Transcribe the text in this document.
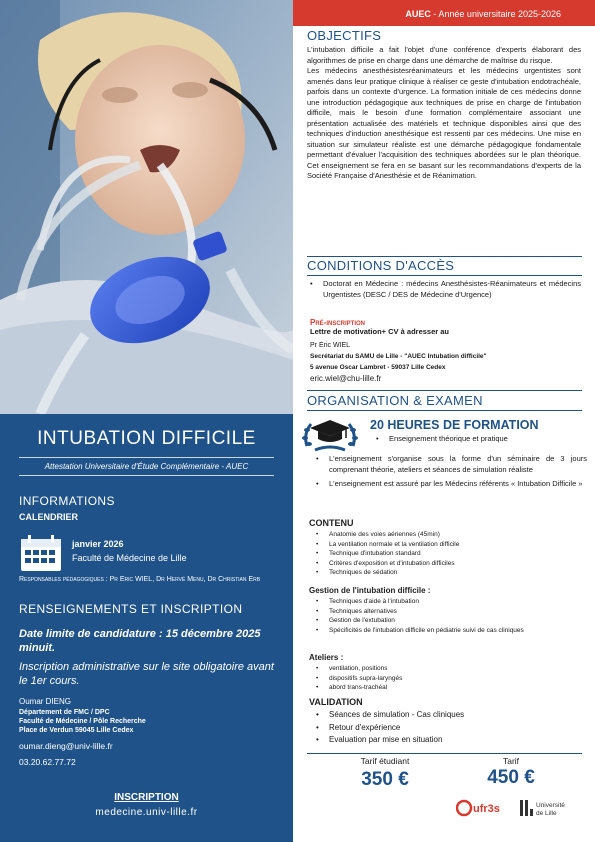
INTUBATION DIFFICILE
Attestation Universitaire d'Étude Complémentaire - AUEC
INFORMATIONS
CALENDRIER
janvier 2026
Faculté de Médecine de Lille
Responsables pédagogiques : Pr Eric WIEL, Dr Hervé Menu, Dr Christian Erb
RENSEIGNEMENTS ET INSCRIPTION
Date limite de candidature : 15 décembre 2025 minuit.
Inscription administrative sur le site obligatoire avant le 1er cours.
Oumar DIENG
Département de FMC / DPC
Faculté de Médecine / Pôle Recherche
Place de Verdun 59045 Lille Cedex
oumar.dieng@univ-lille.fr
03.20.62.77.72
INSCRIPTION
medecine.univ-lille.fr
AUEC - Année universitaire 2025-2026
OBJECTIFS

L'intubation difficile a fait l'objet d'une conférence d'experts élaborant des algorithmes de prise en charge dans une démarche de maîtrise du risque.

Les médecins anesthésistesréanimateurs et les médecins urgentistes sont amenés dans leur pratique clinique à réaliser ce geste d'intubation endotrachéale, parfois dans un contexte d'urgence. La formation initiale de ces médecins donne une introduction pédagogique aux techniques de prise en charge de l'intubation difficile, mais le besoin d'une formation complémentaire associant une présentation actualisée des matériels et technique disponibles ainsi que des techniques d'induction anesthésique est ressenti par ces médecins. Une mise en situation sur simulateur réaliste est une démarche pédagogique fondamentale permettant d'évaluer l'acquisition des techniques abordées sur le plan théorique. Cet enseignement se fera en se basant sur les recommandations d'experts de la Société Française d'Anesthésie et de Réanimation.

CONDITIONS D'ACCÈS
• Doctorat en Médecine : médecins Anesthésistes-Réanimateurs et médecins Urgentistes (DESC / DES de Médecine d'Urgence)
Pré-inscription
Lettre de motivation+ CV à adresser au
Pr Eric WIEL
Secrétariat du SAMU de Lille - "AUEC Intubation difficile"
5 avenue Oscar Lambret - 59037 Lille Cedex
eric.wiel@chu-lille.fr
ORGANISATION & EXAMEN
20 HEURES DE FORMATION
• Enseignement théorique et pratique
• L'enseignement s'organise sous la forme d'un séminaire de 3 jours comprenant théorie, ateliers et séances de simulation réaliste
• L'enseignement est assuré par les Médecins référents « Intubation Difficile »
CONTENU
• Anatomie des voies aériennes (45min)
• La ventilation normale et la ventilation difficile
• Technique d'intubation standard
• Critères d'exposition et d'intubation difficiles
• Techniques de sédation
Gestion de l'intubation difficile :
• Techniques d'aide à l'intubation
• Techniques alternatives
• Gestion de l'extubation
• Spécificités de l'intubation difficile en pédiatrie suivi de cas cliniques
Ateliers :
• ventilation, positions
• dispositifs supra-laryngés
• abord trans-trachéal
VALIDATION
• Séances de simulation - Cas cliniques
• Retour d'expérience
• Evaluation par mise en situation
Tarif étudiant
350 €
Tarif
450 €
ufr3s	Université
de Lille
